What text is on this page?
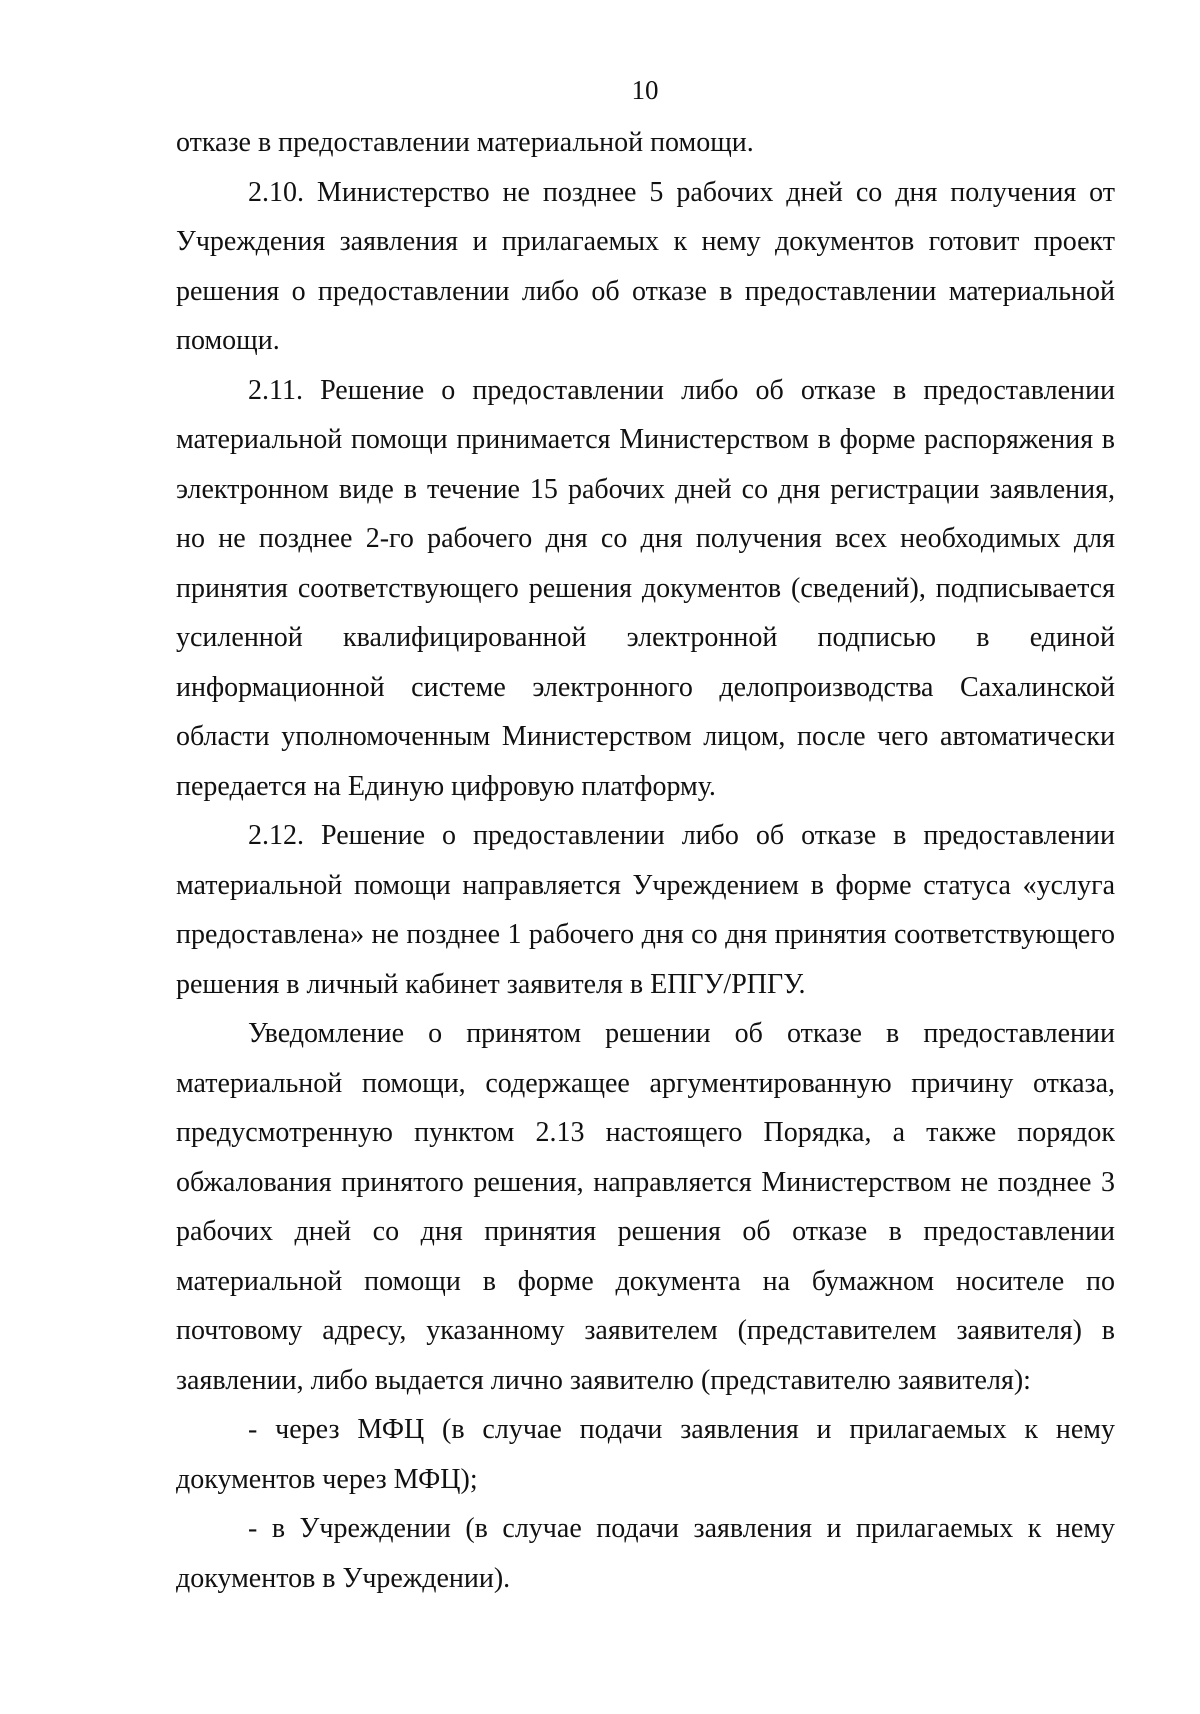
10

отказе в предоставлении материальной помощи.

2.10. Министерство не позднее 5 рабочих дней со дня получения от Учреждения заявления и прилагаемых к нему документов готовит проект решения о предоставлении либо об отказе в предоставлении материальной помощи.

2.11. Решение о предоставлении либо об отказе в предоставлении материальной помощи принимается Министерством в форме распоряжения в электронном виде в течение 15 рабочих дней со дня регистрации заявления, но не позднее 2-го рабочего дня со дня получения всех необходимых для принятия соответствующего решения документов (сведений), подписывается усиленной квалифицированной электронной подписью в единой информационной системе электронного делопроизводства Сахалинской области уполномоченным Министерством лицом, после чего автоматически передается на Единую цифровую платформу.

2.12. Решение о предоставлении либо об отказе в предоставлении материальной помощи направляется Учреждением в форме статуса «услуга предоставлена» не позднее 1 рабочего дня со дня принятия соответствующего решения в личный кабинет заявителя в ЕПГУ/РПГУ.

Уведомление о принятом решении об отказе в предоставлении материальной помощи, содержащее аргументированную причину отказа, предусмотренную пунктом 2.13 настоящего Порядка, а также порядок обжалования принятого решения, направляется Министерством не позднее 3 рабочих дней со дня принятия решения об отказе в предоставлении материальной помощи в форме документа на бумажном носителе по почтовому адресу, указанному заявителем (представителем заявителя) в заявлении, либо выдается лично заявителю (представителю заявителя):

- через МФЦ (в случае подачи заявления и прилагаемых к нему документов через МФЦ);

- в Учреждении (в случае подачи заявления и прилагаемых к нему документов в Учреждении).
